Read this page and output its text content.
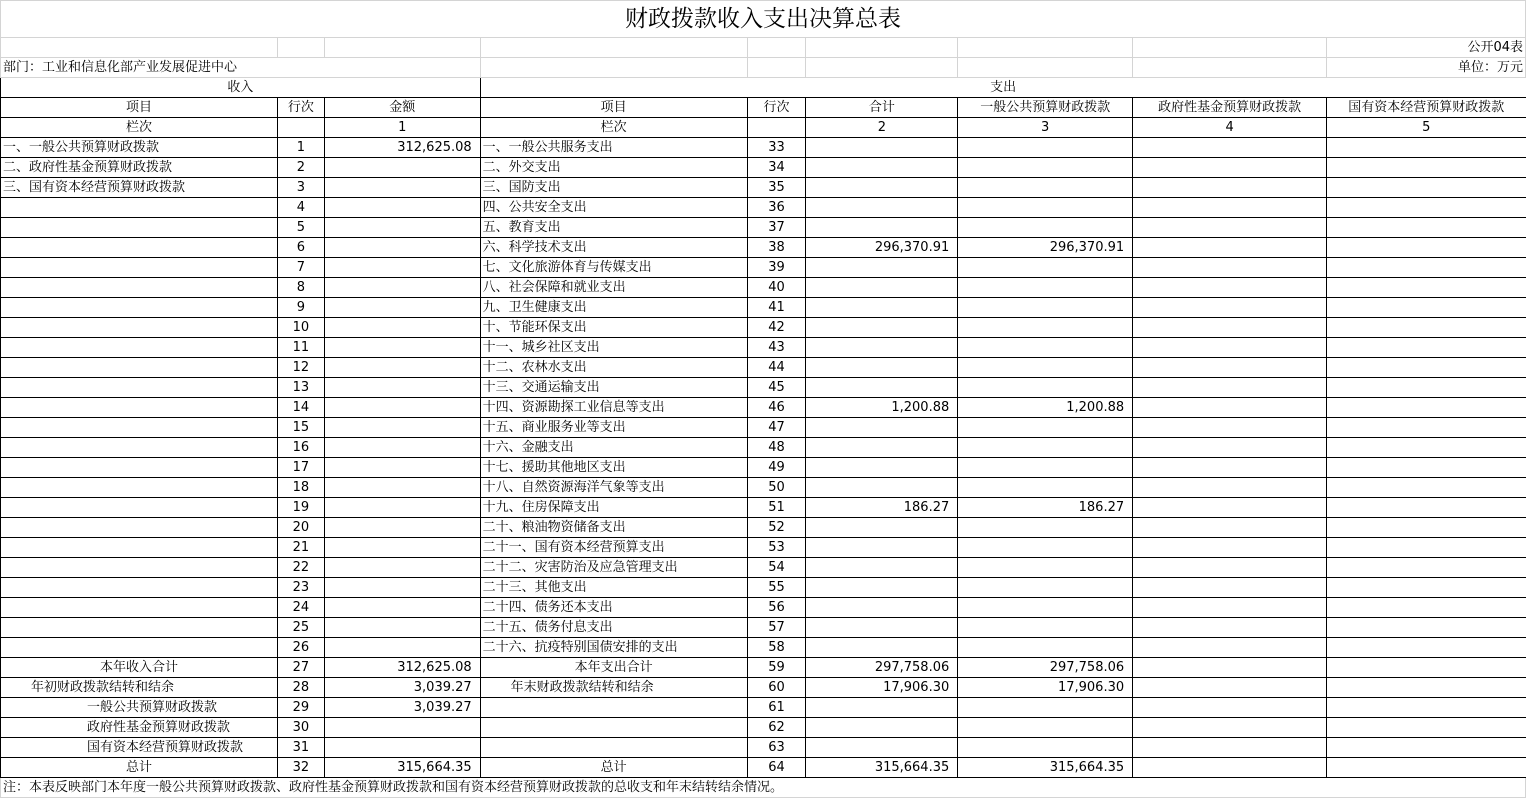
财政拨款收入支出决算总表								
								公开04表
部门：工业和信息化部产业发展促进中心								单位：万元
收入			支出					
项目	行次	金额	项目	行次	合计	一般公共预算财政拨款	政府性基金预算财政拨款	国有资本经营预算财政拨款
栏次		1	栏次		2	3	4	5
一、一般公共预算财政拨款	1	312,625.08	一、一般公共服务支出	33				
二、政府性基金预算财政拨款	2		二、外交支出	34				
三、国有资本经营预算财政拨款	3		三、国防支出	35				
	4		四、公共安全支出	36				
	5		五、教育支出	37				
	6		六、科学技术支出	38	296,370.91	296,370.91		
	7		七、文化旅游体育与传媒支出	39				
	8		八、社会保障和就业支出	40				
	9		九、卫生健康支出	41				
	10		十、节能环保支出	42				
	11		十一、城乡社区支出	43				
	12		十二、农林水支出	44				
	13		十三、交通运输支出	45				
	14		十四、资源勘探工业信息等支出	46	1,200.88	1,200.88		
	15		十五、商业服务业等支出	47				
	16		十六、金融支出	48				
	17		十七、援助其他地区支出	49				
	18		十八、自然资源海洋气象等支出	50				
	19		十九、住房保障支出	51	186.27	186.27		
	20		二十、粮油物资储备支出	52				
	21		二十一、国有资本经营预算支出	53				
	22		二十二、灾害防治及应急管理支出	54				
	23		二十三、其他支出	55				
	24		二十四、债务还本支出	56				
	25		二十五、债务付息支出	57				
	26		二十六、抗疫特别国债安排的支出	58				
本年收入合计	27	312,625.08	本年支出合计	59	297,758.06	297,758.06		
年初财政拨款结转和结余	28	3,039.27	年末财政拨款结转和结余	60	17,906.30	17,906.30		
一般公共预算财政拨款	29	3,039.27		61				
政府性基金预算财政拨款	30			62				
国有资本经营预算财政拨款	31			63				
总计	32	315,664.35	总计	64	315,664.35	315,664.35		
注：本表反映部门本年度一般公共预算财政拨款、政府性基金预算财政拨款和国有资本经营预算财政拨款的总收支和年末结转结余情况。								
